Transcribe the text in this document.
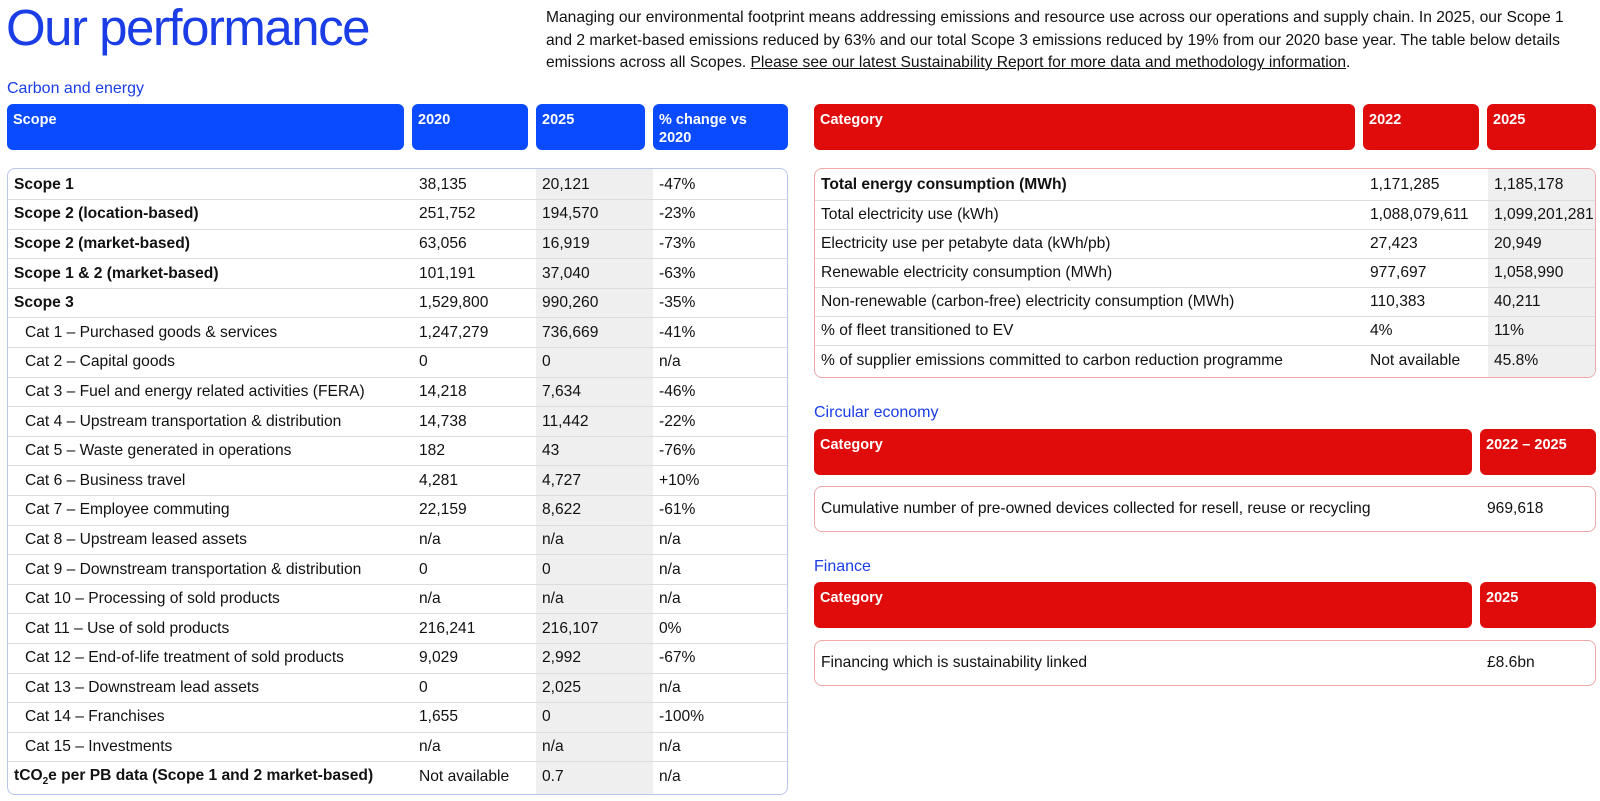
Our performance	Managing our environmental footprint means addressing emissions and resource use across our operations and supply chain. In 2025, our Scope 1 and 2 market-based emissions reduced by 63% and our total Scope 3 emissions reduced by 19% from our 2020 base year. The table below details emissions across all Scopes. Please see our latest Sustainability Report for more data and methodology information.
Carbon and energy
Scope	2020	2025	% change vs 2020
Scope 1	38,135	20,121	-47%
Scope 2 (location-based)	251,752	194,570	-23%
Scope 2 (market-based)	63,056	16,919	-73%
Scope 1 & 2 (market-based)	101,191	37,040	-63%
Scope 3	1,529,800	990,260	-35%
Cat 1 – Purchased goods & services	1,247,279	736,669	-41%
Cat 2 – Capital goods	0	0	n/a
Cat 3 – Fuel and energy related activities (FERA)	14,218	7,634	-46%
Cat 4 – Upstream transportation & distribution	14,738	11,442	-22%
Cat 5 – Waste generated in operations	182	43	-76%
Cat 6 – Business travel	4,281	4,727	+10%
Cat 7 – Employee commuting	22,159	8,622	-61%
Cat 8 – Upstream leased assets	n/a	n/a	n/a
Cat 9 – Downstream transportation & distribution	0	0	n/a
Cat 10 – Processing of sold products	n/a	n/a	n/a
Cat 11 – Use of sold products	216,241	216,107	0%
Cat 12 – End-of-life treatment of sold products	9,029	2,992	-67%
Cat 13 – Downstream lead assets	0	2,025	n/a
Cat 14 – Franchises	1,655	0	-100%
Cat 15 – Investments	n/a	n/a	n/a
tCO$_2$e per PB data (Scope 1 and 2 market-based)	Not available	0.7	n/a
Category	2022	2025
Total energy consumption (MWh)	1,171,285	1,185,178
Total electricity use (kWh)	1,088,079,611	1,099,201,281
Electricity use per petabyte data (kWh/pb)	27,423	20,949
Renewable electricity consumption (MWh)	977,697	1,058,990
Non-renewable (carbon-free) electricity consumption (MWh)	110,383	40,211
% of fleet transitioned to EV	4%	11%
% of supplier emissions committed to carbon reduction programme	Not available	45.8%
Circular economy
Category	2022 – 2025
Cumulative number of pre-owned devices collected for resell, reuse or recycling	969,618
Finance
Category	2025
Financing which is sustainability linked	£8.6bn
